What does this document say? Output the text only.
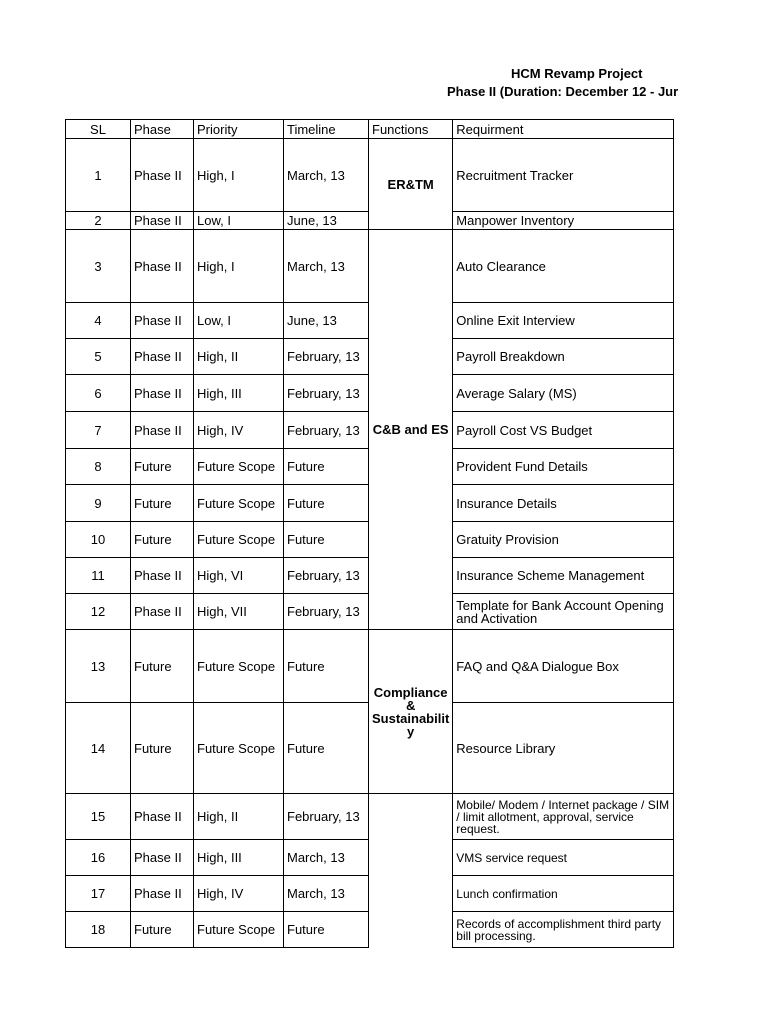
HCM Revamp Project
Phase II (Duration: December 12 - Jur
SL	Phase	Priority	Timeline	Functions	Requirment
1	Phase II	High, I	March, 13	ER&TM	Recruitment Tracker
2	Phase II	Low, I	June, 13		Manpower Inventory
3	Phase II	High, I	March, 13	C&B and ES	Auto Clearance
4	Phase II	Low, I	June, 13		Online Exit Interview
5	Phase II	High, II	February, 13		Payroll Breakdown
6	Phase II	High, III	February, 13		Average Salary (MS)
7	Phase II	High, IV	February, 13		Payroll Cost VS Budget
8	Future	Future Scope	Future		Provident Fund Details
9	Future	Future Scope	Future		Insurance Details
10	Future	Future Scope	Future		Gratuity Provision
11	Phase II	High, VI	February, 13		Insurance Scheme Management
12	Phase II	High, VII	February, 13		Template for Bank Account Opening and Activation
13	Future	Future Scope	Future	Compliance & Sustainabilit y	FAQ and Q&A Dialogue Box
14	Future	Future Scope	Future		Resource Library
15	Phase II	High, II	February, 13		Mobile/ Modem / Internet package / SIM / limit allotment, approval, service request.
16	Phase II	High, III	March, 13		VMS service request
17	Phase II	High, IV	March, 13		Lunch confirmation
18	Future	Future Scope	Future		Records of accomplishment third party bill processing.
